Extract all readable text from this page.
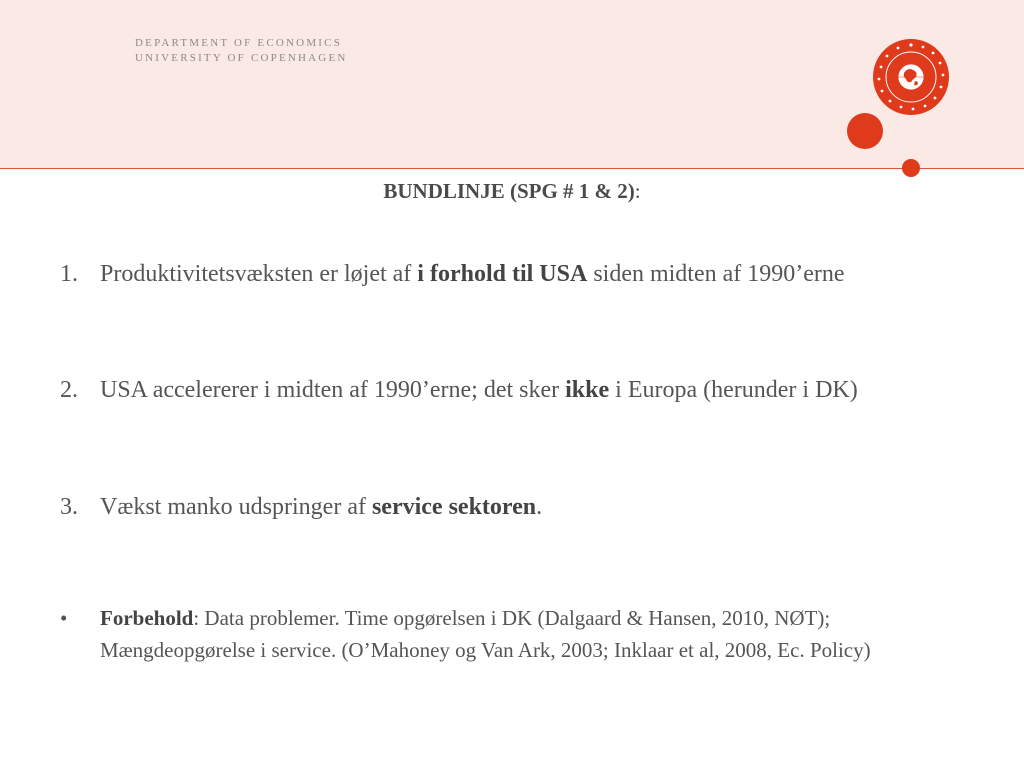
DEPARTMENT OF ECONOMICS
UNIVERSITY OF COPENHAGEN
BUNDLINJE (SPG # 1 & 2):
1. Produktivitetsvæksten er løjet af i forhold til USA siden midten af 1990’erne
2. USA accelererer i midten af 1990’erne; det sker ikke i Europa (herunder i DK)
3. Vækst manko udspringer af service sektoren.
• Forbehold: Data problemer. Time opgørelsen i DK (Dalgaard & Hansen, 2010, NØT); Mængdeopgørelse i service. (O’Mahoney og Van Ark, 2003; Inklaar et al, 2008, Ec. Policy)
